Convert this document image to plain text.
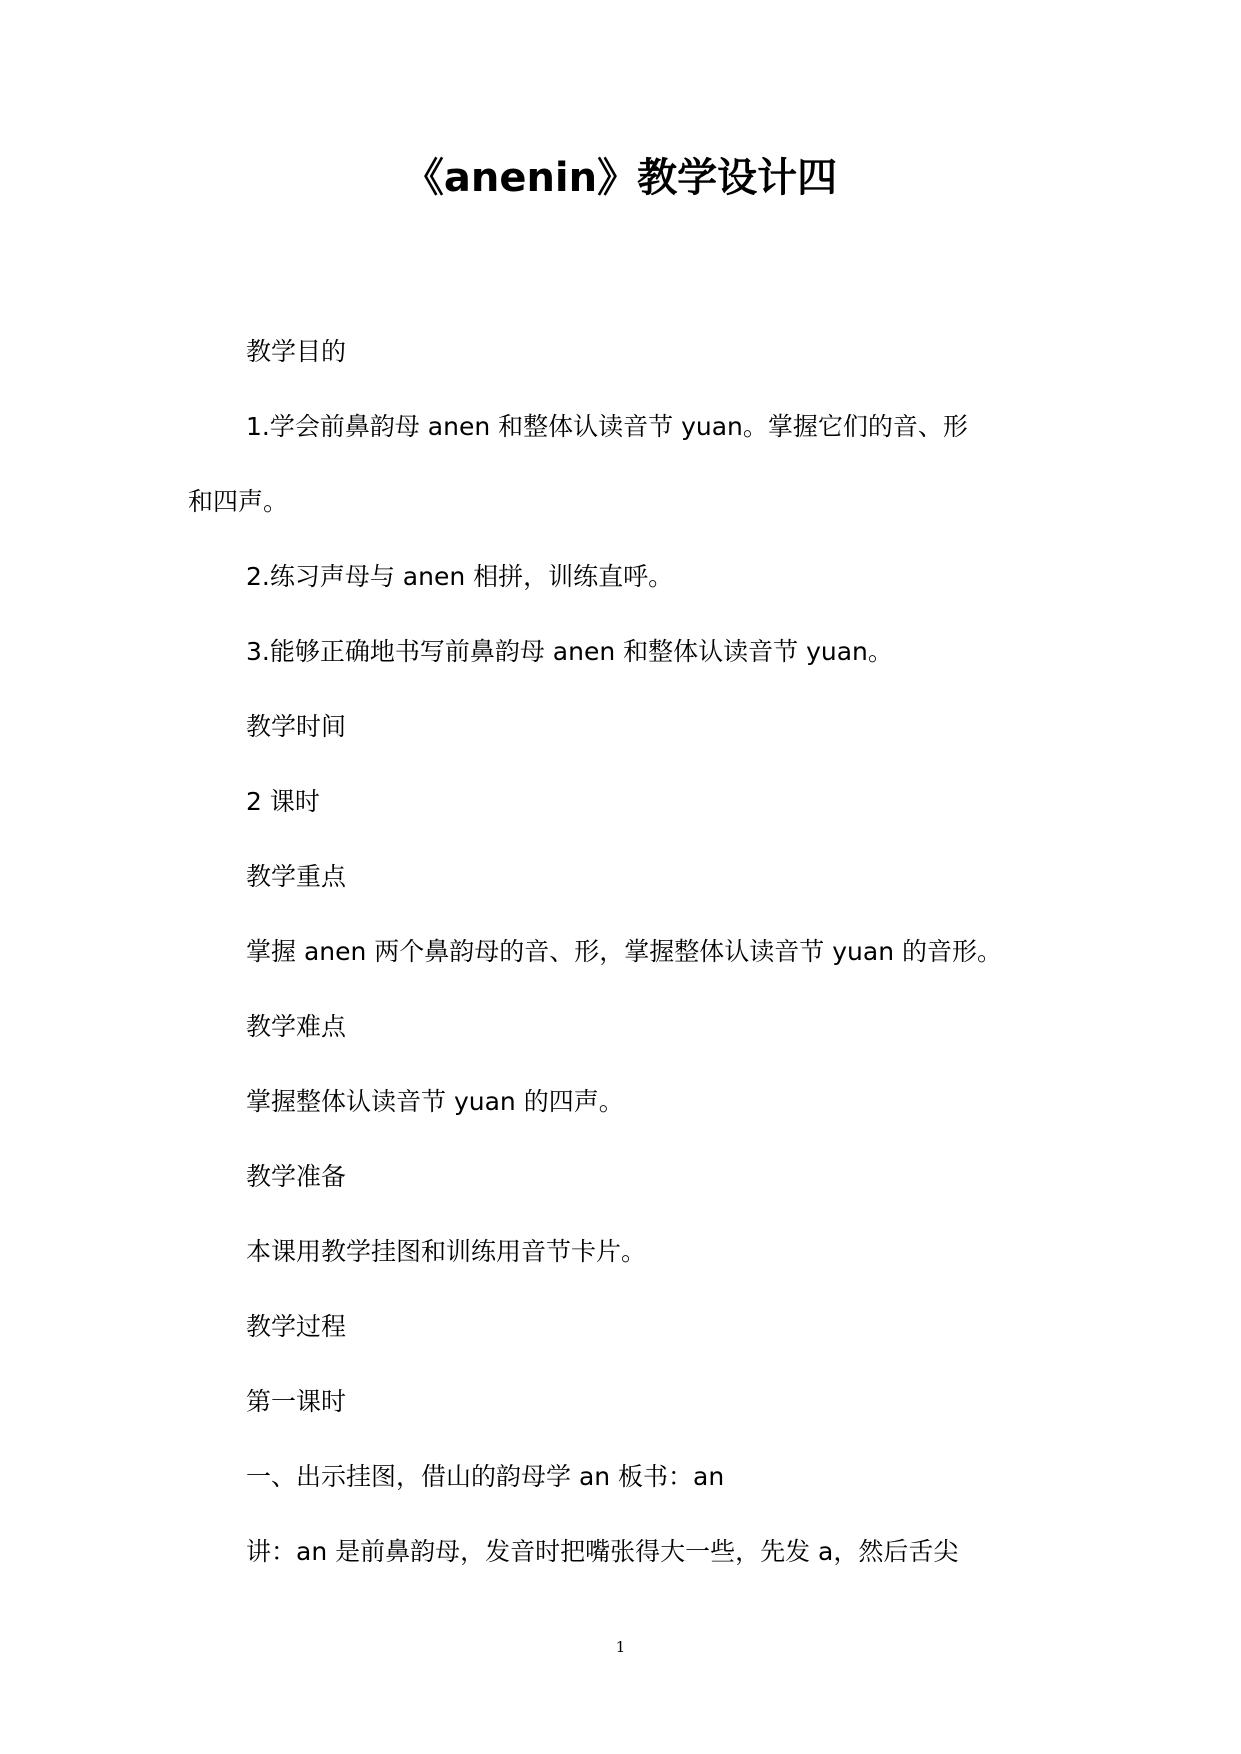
《anenin》教学设计四
教学目的
1.学会前鼻韵母 anen 和整体认读音节 yuan。掌握它们的音、形
和四声。
2.练习声母与 anen 相拼，训练直呼。
3.能够正确地书写前鼻韵母 anen 和整体认读音节 yuan。
教学时间
2 课时
教学重点
掌握 anen 两个鼻韵母的音、形，掌握整体认读音节 yuan 的音形。
教学难点
掌握整体认读音节 yuan 的四声。
教学准备
本课用教学挂图和训练用音节卡片。
教学过程
第一课时
一、出示挂图，借山的韵母学 an 板书：an
讲：an 是前鼻韵母，发音时把嘴张得大一些，先发 a，然后舌尖
1
